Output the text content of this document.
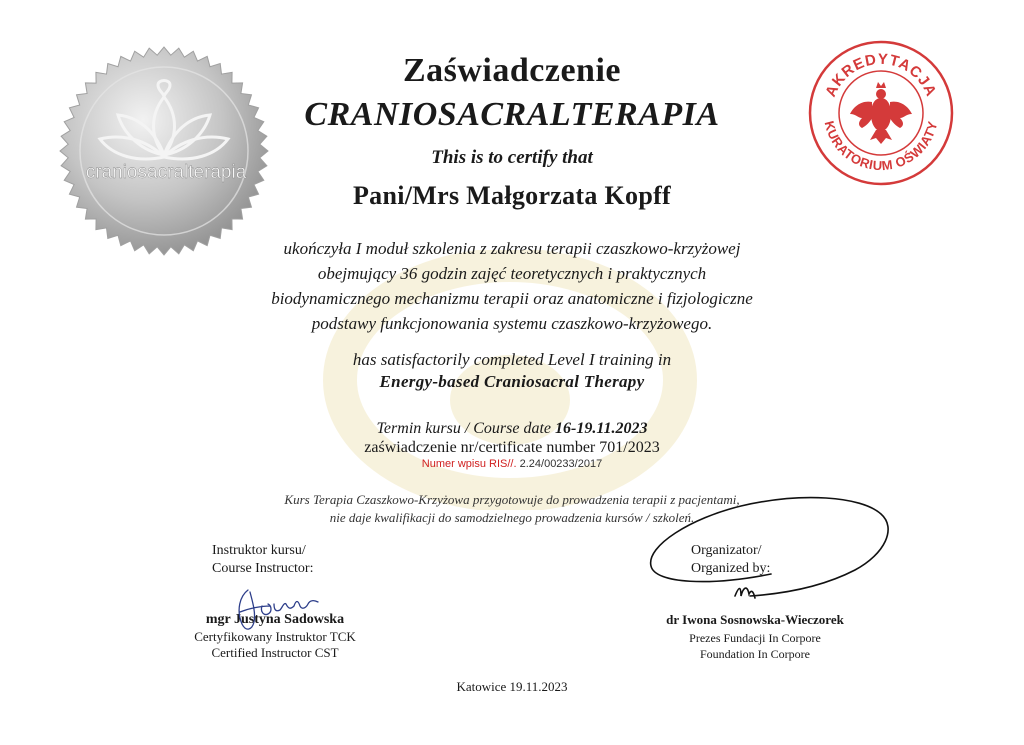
craniosacralterapia
AKREDYTACJA
KURATORIUM OŚWIATY
Zaświadczenie
CRANIOSACRALTERAPIA
This is to certify that
Pani/Mrs Małgorzata Kopff
ukończyła I moduł szkolenia z zakresu terapii czaszkowo-krzyżowej
obejmujący 36 godzin zajęć teoretycznych i praktycznych
biodynamicznego mechanizmu terapii oraz anatomiczne i fizjologiczne
podstawy funkcjonowania systemu czaszkowo-krzyżowego.
has satisfactorily completed Level I training in
Energy-based Craniosacral Therapy
Termin kursu / Course date 16-19.11.2023
zaświadczenie nr/certificate number 701/2023
Numer wpisu RIS//. 2.24/00233/2017
Kurs Terapia Czaszkowo-Krzyżowa przygotowuje do prowadzenia terapii z pacjentami,
nie daje kwalifikacji do samodzielnego prowadzenia kursów / szkoleń.
Instruktor kursu/
Course Instructor:
mgr Justyna Sadowska
Certyfikowany Instruktor TCK
Certified Instructor CST
Organizator/
Organized by:
dr Iwona Sosnowska-Wieczorek
Prezes Fundacji In Corpore
Foundation In Corpore
Katowice 19.11.2023
